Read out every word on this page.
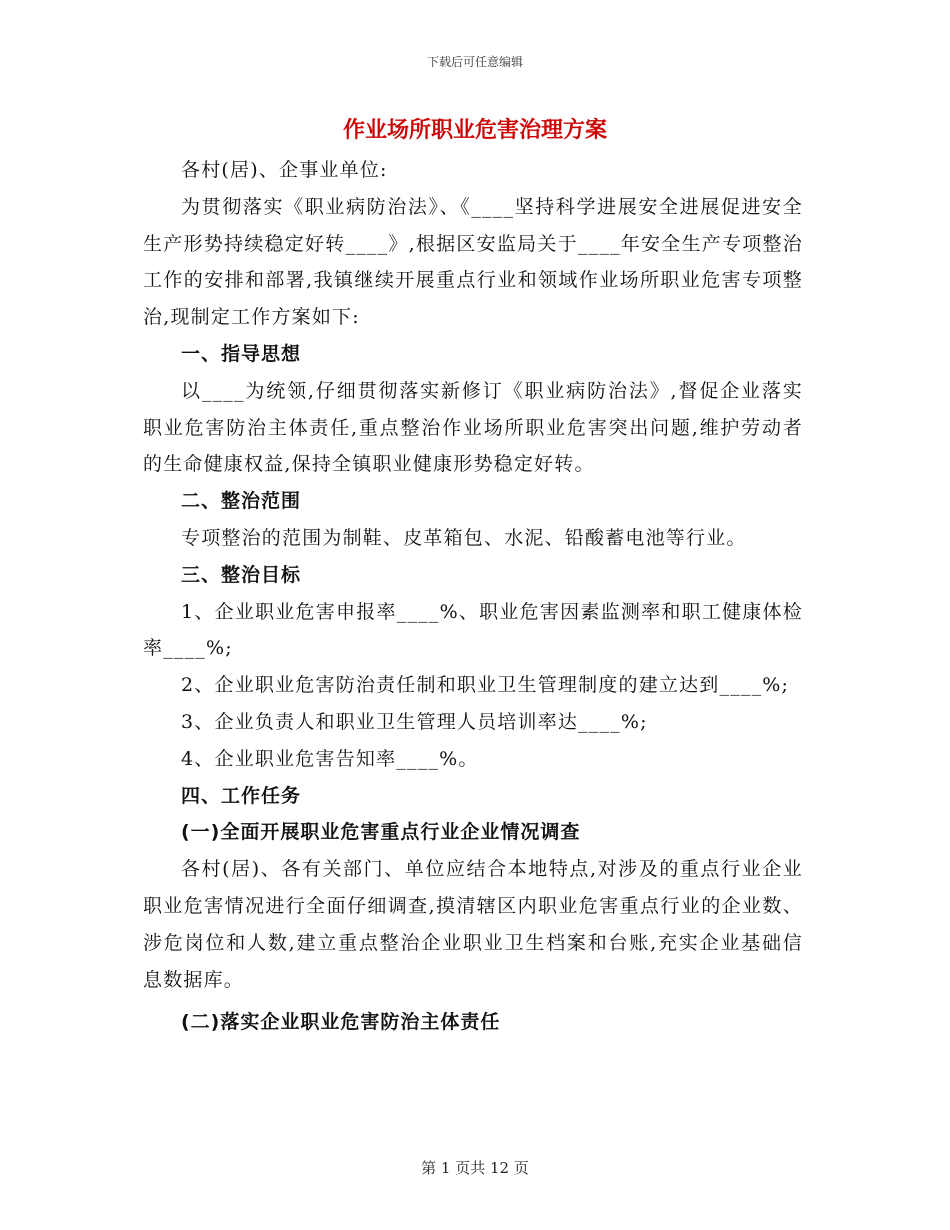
下载后可任意编辑
作业场所职业危害治理方案

各村(居)、企事业单位:

为贯彻落实《职业病防治法》、《____坚持科学进展安全进展促进安全生产形势持续稳定好转____》,根据区安监局关于____年安全生产专项整治工作的安排和部署,我镇继续开展重点行业和领域作业场所职业危害专项整治,现制定工作方案如下:

一、指导思想

以____为统领,仔细贯彻落实新修订《职业病防治法》,督促企业落实职业危害防治主体责任,重点整治作业场所职业危害突出问题,维护劳动者的生命健康权益,保持全镇职业健康形势稳定好转。

二、整治范围

专项整治的范围为制鞋、皮革箱包、水泥、铅酸蓄电池等行业。

三、整治目标

1、企业职业危害申报率____%、职业危害因素监测率和职工健康体检率____%;

2、企业职业危害防治责任制和职业卫生管理制度的建立达到____%;

3、企业负责人和职业卫生管理人员培训率达____%;

4、企业职业危害告知率____%。

四、工作任务

(一)全面开展职业危害重点行业企业情况调查

各村(居)、各有关部门、单位应结合本地特点,对涉及的重点行业企业职业危害情况进行全面仔细调查,摸清辖区内职业危害重点行业的企业数、涉危岗位和人数,建立重点整治企业职业卫生档案和台账,充实企业基础信息数据库。

(二)落实企业职业危害防治主体责任

第 1 页共 12 页
